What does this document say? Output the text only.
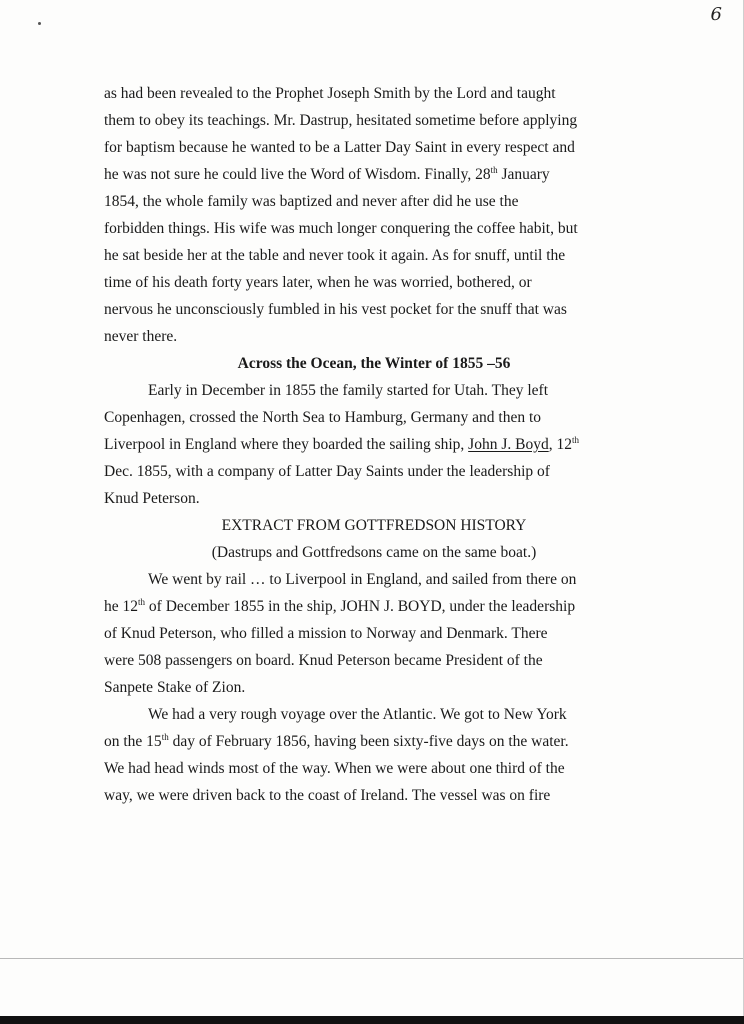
6
as had been revealed to the Prophet Joseph Smith by the Lord and taught
them to obey its teachings. Mr. Dastrup, hesitated sometime before applying
for baptism because he wanted to be a Latter Day Saint in every respect and
he was not sure he could live the Word of Wisdom. Finally, 28th January
1854, the whole family was baptized and never after did he use the
forbidden things. His wife was much longer conquering the coffee habit, but
he sat beside her at the table and never took it again. As for snuff, until the
time of his death forty years later, when he was worried, bothered, or
nervous he unconsciously fumbled in his vest pocket for the snuff that was
never there.
Across the Ocean, the Winter of 1855 –56
Early in December in 1855 the family started for Utah. They left
Copenhagen, crossed the North Sea to Hamburg, Germany and then to
Liverpool in England where they boarded the sailing ship, John J. Boyd, 12th
Dec. 1855, with a company of Latter Day Saints under the leadership of
Knud Peterson.
EXTRACT FROM GOTTFREDSON HISTORY
(Dastrups and Gottfredsons came on the same boat.)
We went by rail … to Liverpool in England, and sailed from there on
he 12th of December 1855 in the ship, JOHN J. BOYD, under the leadership
of Knud Peterson, who filled a mission to Norway and Denmark. There
were 508 passengers on board. Knud Peterson became President of the
Sanpete Stake of Zion.
We had a very rough voyage over the Atlantic. We got to New York
on the 15th day of February 1856, having been sixty-five days on the water.
We had head winds most of the way. When we were about one third of the
way, we were driven back to the coast of Ireland. The vessel was on fire
